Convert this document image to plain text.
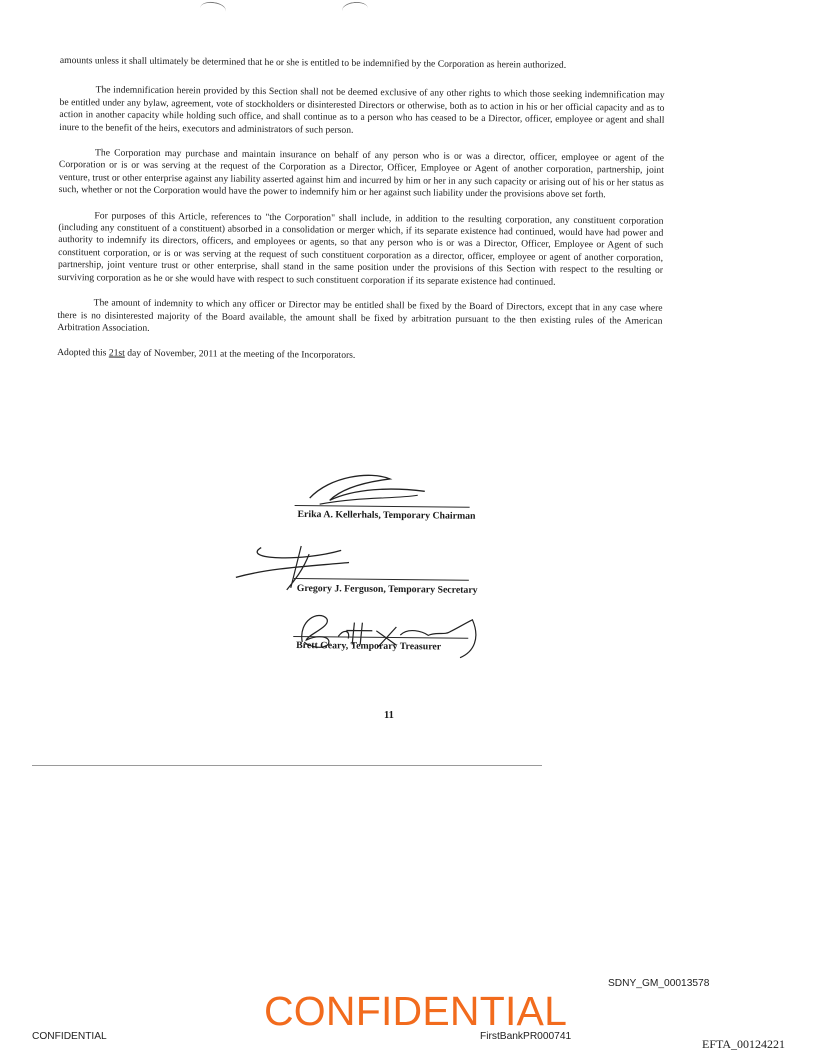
amounts unless it shall ultimately be determined that he or she is entitled to be indemnified by the Corporation as herein authorized.

The indemnification herein provided by this Section shall not be deemed exclusive of any other rights to which those seeking indemnification may be entitled under any bylaw, agreement, vote of stockholders or disinterested Directors or otherwise, both as to action in his or her official capacity and as to action in another capacity while holding such office, and shall continue as to a person who has ceased to be a Director, officer, employee or agent and shall inure to the benefit of the heirs, executors and administrators of such person.

The Corporation may purchase and maintain insurance on behalf of any person who is or was a director, officer, employee or agent of the Corporation or is or was serving at the request of the Corporation as a Director, Officer, Employee or Agent of another corporation, partnership, joint venture, trust or other enterprise against any liability asserted against him and incurred by him or her in any such capacity or arising out of his or her status as such, whether or not the Corporation would have the power to indemnify him or her against such liability under the provisions above set forth.

For purposes of this Article, references to "the Corporation" shall include, in addition to the resulting corporation, any constituent corporation (including any constituent of a constituent) absorbed in a consolidation or merger which, if its separate existence had continued, would have had power and authority to indemnify its directors, officers, and employees or agents, so that any person who is or was a Director, Officer, Employee or Agent of such constituent corporation, or is or was serving at the request of such constituent corporation as a director, officer, employee or agent of another corporation, partnership, joint venture trust or other enterprise, shall stand in the same position under the provisions of this Section with respect to the resulting or surviving corporation as he or she would have with respect to such constituent corporation if its separate existence had continued.

The amount of indemnity to which any officer or Director may be entitled shall be fixed by the Board of Directors, except that in any case where there is no disinterested majority of the Board available, the amount shall be fixed by arbitration pursuant to the then existing rules of the American Arbitration Association.

Adopted this 21st day of November, 2011 at the meeting of the Incorporators.

Erika A. Kellerhals, Temporary Chairman
Gregory J. Ferguson, Temporary Secretary
Brett Geary, Temporary Treasurer
11
SDNY_GM_00013578
CONFIDENTIAL
CONFIDENTIAL	FirstBankPR000741
EFTA_00124221
